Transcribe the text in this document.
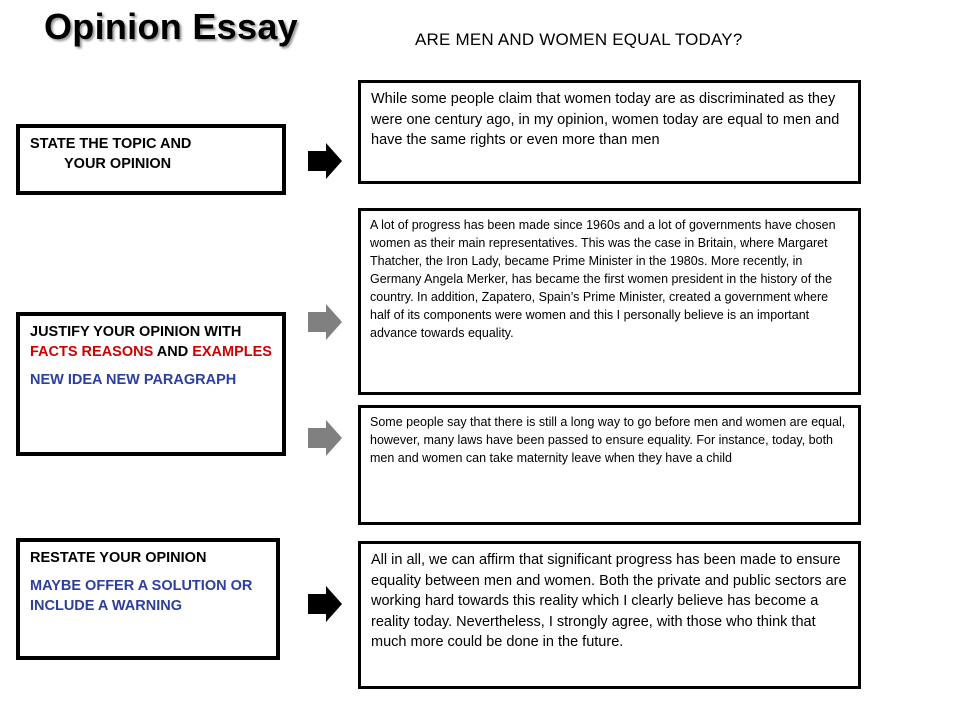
Opinion Essay	ARE MEN AND WOMEN EQUAL TODAY?

STATE THE TOPIC AND

YOUR OPINION

While some people claim that women today are as discriminated as they were one century ago, in my opinion, women today are equal to men and have the same rights or even more than men

JUSTIFY YOUR OPINION WITH FACTS REASONS AND EXAMPLES

NEW IDEA NEW PARAGRAPH

A lot of progress has been made since 1960s and a lot of governments have chosen women as their main representatives. This was the case in Britain, where Margaret Thatcher, the Iron Lady, became Prime Minister in the 1980s. More recently, in Germany Angela Merker, has became the first women president in the history of the country. In addition, Zapatero, Spain’s Prime Minister, created a government where half of its components were women and this I personally believe is an important advance towards equality.
Some people say that there is still a long way to go before men and women are equal, however, many laws have been passed to ensure equality. For instance, today, both men and women can take maternity leave when they have a child

RESTATE YOUR OPINION

MAYBE OFFER A SOLUTION OR INCLUDE A WARNING

All in all, we can affirm that significant progress has been made to ensure equality between men and women. Both the private and public sectors are working hard towards this reality which I clearly believe has become a reality today. Nevertheless, I strongly agree, with those who think that much more could be done in the future.
